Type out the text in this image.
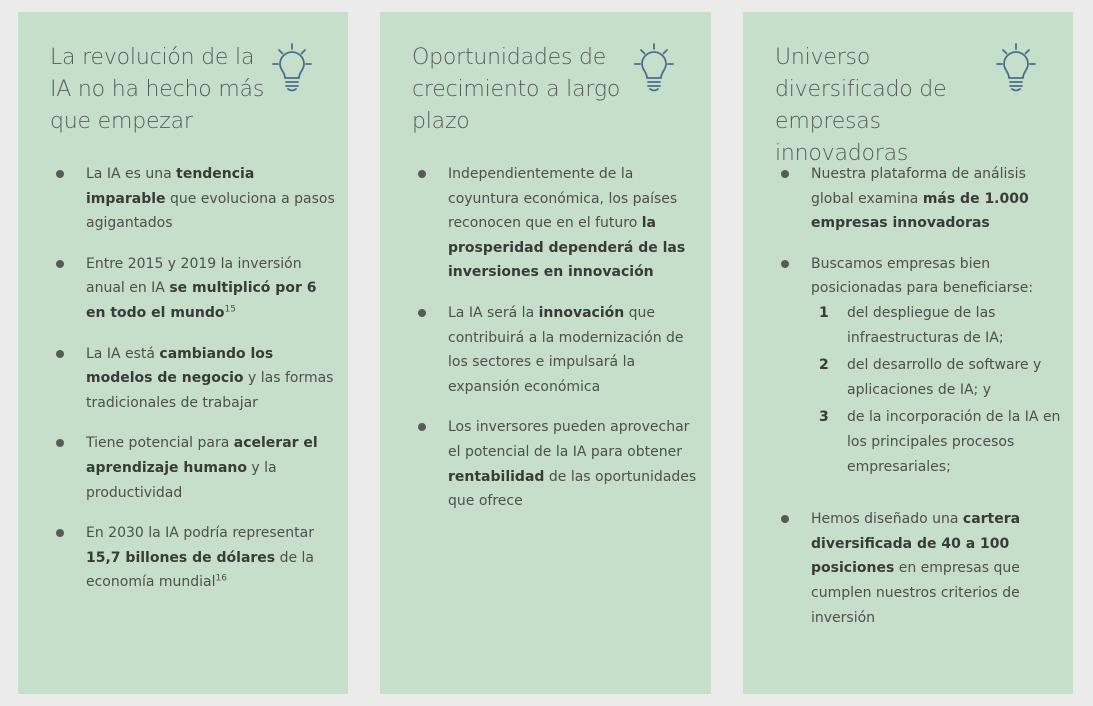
La revolución de la IA no ha hecho más que empezar
La IA es una tendencia imparable que evoluciona a pasos agigantados
Entre 2015 y 2019 la inversión anual en IA se multiplicó por 6 en todo el mundo$^{15}$
La IA está cambiando los modelos de negocio y las formas tradicionales de trabajar
Tiene potencial para acelerar el aprendizaje humano y la productividad
En 2030 la IA podría representar 15,7 billones de dólares de la economía mundial$^{16}$
Oportunidades de crecimiento a largo plazo
Independientemente de la coyuntura económica, los países reconocen que en el futuro la prosperidad dependerá de las inversiones en innovación
La IA será la innovación que contribuirá a la modernización de los sectores e impulsará la expansión económica
Los inversores pueden aprovechar el potencial de la IA para obtener rentabilidad de las oportunidades que ofrece
Universo diversificado de empresas innovadoras
Nuestra plataforma de análisis global examina más de 1.000 empresas innovadoras
Buscamos empresas bien posicionadas para beneficiarse:
1 del despliegue de las infraestructuras de IA;
2 del desarrollo de software y aplicaciones de IA; y
3 de la incorporación de la IA en los principales procesos empresariales;
Hemos diseñado una cartera diversificada de 40 a 100 posiciones en empresas que cumplen nuestros criterios de inversión
